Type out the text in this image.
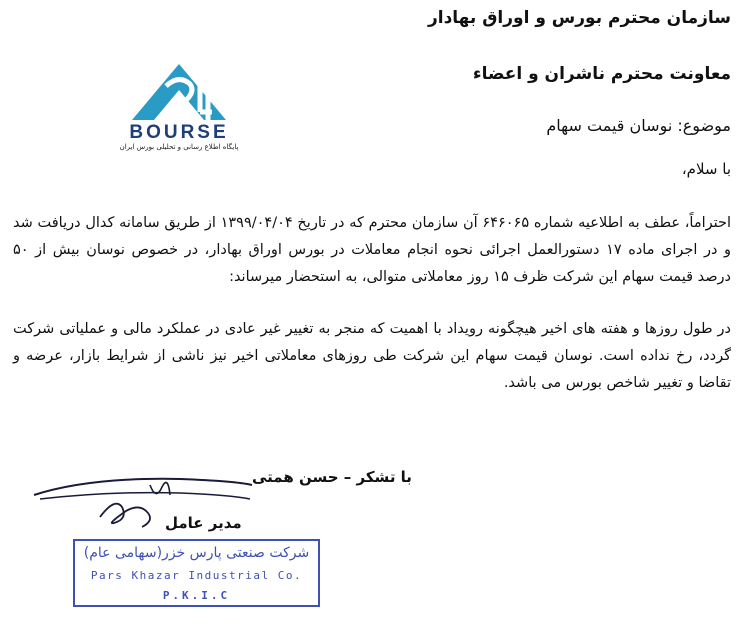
سازمان محترم بورس و اوراق بهادار
معاونت محترم ناشران و اعضاء
موضوع: نوسان قیمت سهام
با سلام،
احتراماً، عطف به اطلاعیه شماره ۶۴۶۰۶۵ آن سازمان محترم که در تاریخ ۱۳۹۹/۰۴/۰۴ از طریق سامانه کدال دریافت شد و در اجرای ماده ۱۷ دستورالعمل اجرائی نحوه انجام معاملات در بورس اوراق بهادار، در خصوص نوسان بیش از ۵۰ درصد قیمت سهام این شرکت ظرف ۱۵ روز معاملاتی متوالی، به استحضار میرساند:
در طول روزها و هفته های اخیر هیچگونه رویداد با اهمیت که منجر به تغییر غیر عادی در عملکرد مالی و عملیاتی شرکت گردد، رخ نداده است. نوسان قیمت سهام این شرکت طی روزهای معاملاتی اخیر نیز ناشی از شرایط بازار، عرضه و تقاضا و تغییر شاخص بورس می باشد.
BOURSE
پایگاه اطلاع رسانی و تحلیلی بورس ایران
با تشکر – حسن همتی
مدیر عامل
شرکت صنعتی پارس خزر(سهامی عام)
Pars Khazar Industrial Co.
P.K.I.C
